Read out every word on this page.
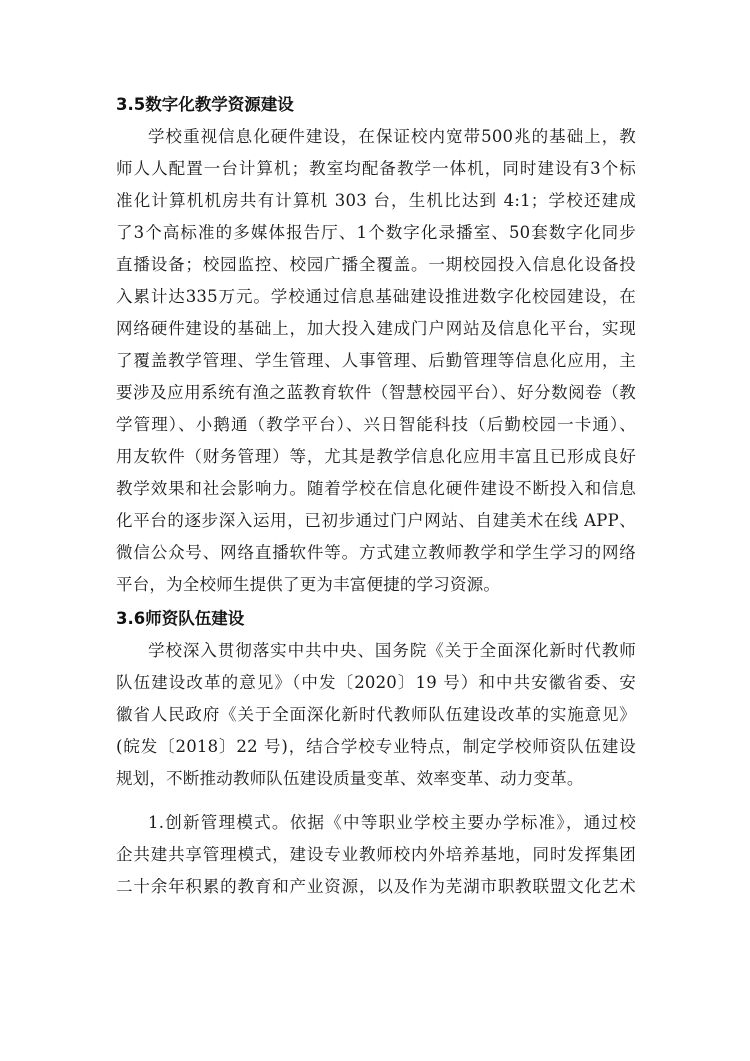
3.5数字化教学资源建设
学校重视信息化硬件建设，在保证校内宽带500兆的基础上，教
师人人配置一台计算机；教室均配备教学一体机，同时建设有3个标
准化计算机机房共有计算机 303 台，生机比达到 4:1；学校还建成
了3个高标准的多媒体报告厅、1个数字化录播室、50套数字化同步
直播设备；校园监控、校园广播全覆盖。一期校园投入信息化设备投
入累计达335万元。学校通过信息基础建设推进数字化校园建设，在
网络硬件建设的基础上，加大投入建成门户网站及信息化平台，实现
了覆盖教学管理、学生管理、人事管理、后勤管理等信息化应用，主
要涉及应用系统有渔之蓝教育软件（智慧校园平台）、好分数阅卷（教
学管理）、小鹅通（教学平台）、兴日智能科技（后勤校园一卡通）、
用友软件（财务管理）等，尤其是教学信息化应用丰富且已形成良好
教学效果和社会影响力。随着学校在信息化硬件建设不断投入和信息
化平台的逐步深入运用，已初步通过门户网站、自建美术在线 APP、
微信公众号、网络直播软件等。方式建立教师教学和学生学习的网络
平台，为全校师生提供了更为丰富便捷的学习资源。
3.6师资队伍建设
学校深入贯彻落实中共中央、国务院《关于全面深化新时代教师
队伍建设改革的意见》（中发〔2020〕19 号）和中共安徽省委、安
徽省人民政府《关于全面深化新时代教师队伍建设改革的实施意见》
(皖发〔2018〕22 号)，结合学校专业特点，制定学校师资队伍建设
规划，不断推动教师队伍建设质量变革、效率变革、动力变革。
1.创新管理模式。依据《中等职业学校主要办学标准》，通过校
企共建共享管理模式，建设专业教师校内外培养基地，同时发挥集团
二十余年积累的教育和产业资源，以及作为芜湖市职教联盟文化艺术
